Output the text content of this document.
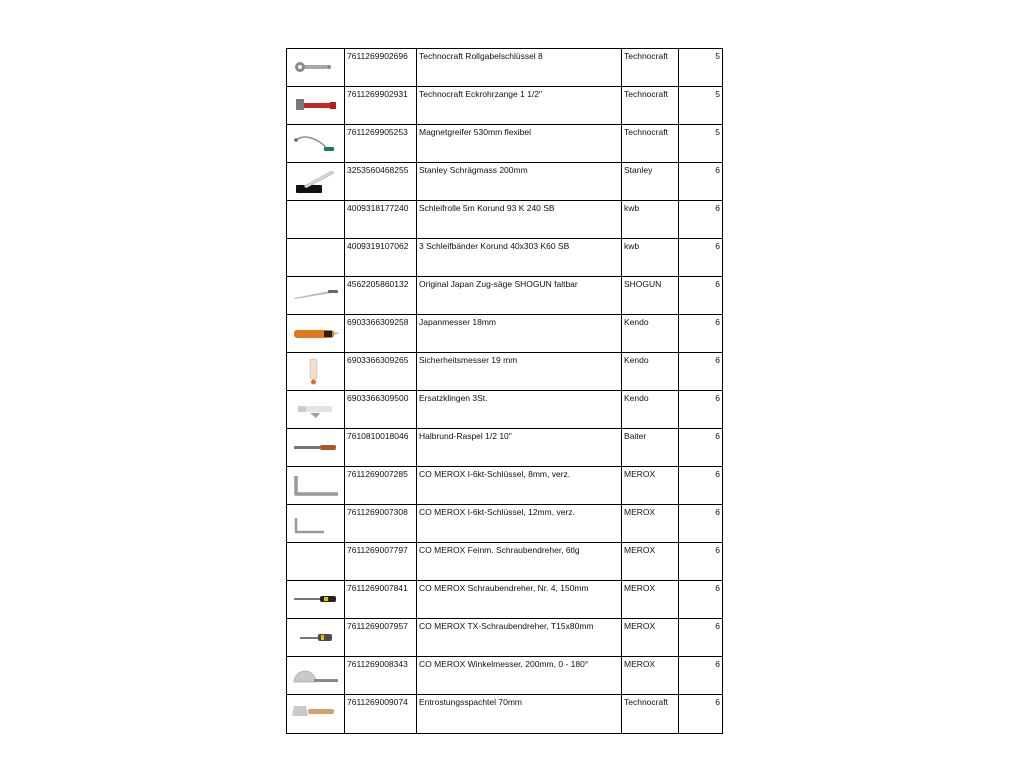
	7611269902696	Technocraft Rollgabelschlüssel 8	Technocraft	5

	7611269902931	Technocraft Eckrohrzange 1 1/2"	Technocraft	5

	7611269905253	Magnetgreifer 530mm flexibel	Technocraft	5

	3253560468255	Stanley Schrägmass 200mm	Stanley	6
	4009318177240	Schleifrolle 5m Korund 93 K 240 SB	kwb	6
	4009319107062	3 Schleifbänder Korund 40x303 K60 SB	kwb	6

	4562205860132	Original Japan Zug-säge SHOGUN faltbar	SHOGUN	6

	6903366309258	Japanmesser 18mm	Kendo	6

	6903366309265	Sicherheitsmesser 19 mm	Kendo	6

	6903366309500	Ersatzklingen 3St.	Kendo	6

	7610810018046	Halbrund-Raspel 1/2 10"	Baiter	6

	7611269007285	CO MEROX I-6kt-Schlüssel, 8mm, verz.	MEROX	6

	7611269007308	CO MEROX I-6kt-Schlüssel, 12mm, verz.	MEROX	6
	7611269007797	CO MEROX Feinm. Schraubendreher, 6tlg	MEROX	6

	7611269007841	CO MEROX Schraubendreher, Nr. 4, 150mm	MEROX	6

	7611269007957	CO MEROX TX-Schraubendreher, T15x80mm	MEROX	6

	7611269008343	CO MEROX Winkelmesser, 200mm, 0 - 180°	MEROX	6

	7611269009074	Entrostungsspachtel 70mm	Technocraft	6
